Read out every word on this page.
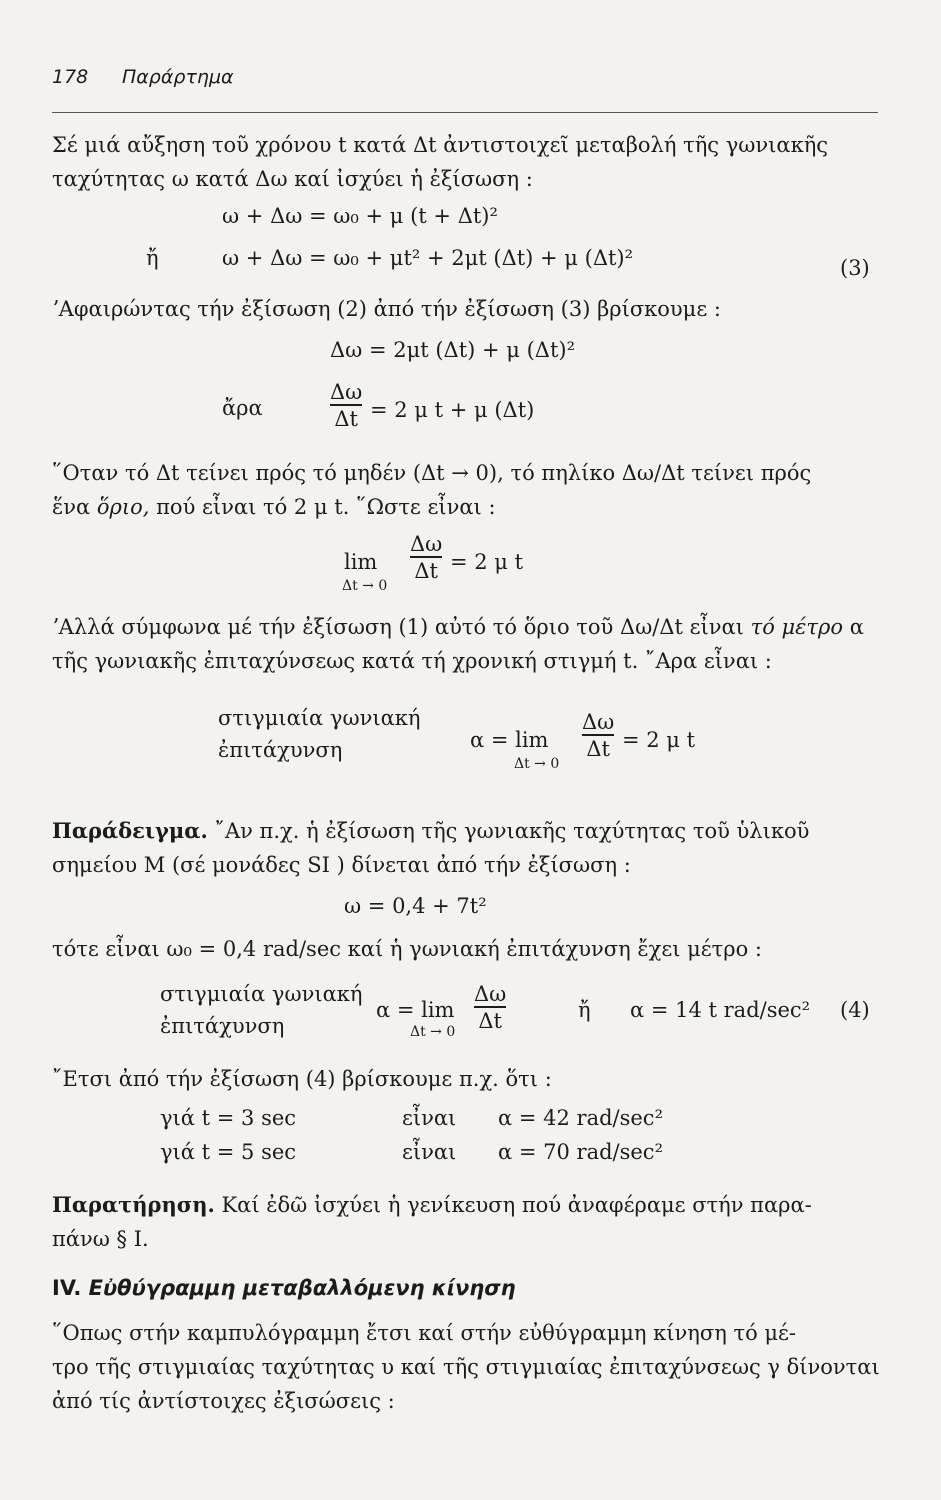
178 Παράρτημα
Σέ μιά αὔξηση τοῦ χρόνου t κατά Δt ἀντιστοιχεῖ μεταβολή τῆς γωνιακῆς
ταχύτητας ω κατά Δω καί ἰσχύει ἡ ἐξίσωση :
ω + Δω = ω₀ + μ (t + Δt)²
ἤ	ω + Δω = ω₀ + μt² + 2μt (Δt) + μ (Δt)²	(3)
ʼΑφαιρώντας τήν ἐξίσωση (2) ἀπό τήν ἐξίσωση (3) βρίσκουμε :
Δω = 2μt (Δt) + μ (Δt)²
ἄρα
Δω
Δt = 2 μ t + μ (Δt)
῞Οταν τό Δt τείνει πρός τό μηδέν (Δt → 0), τό πηλίκο Δω/Δt τείνει πρός
ἕνα ὅριο, πού εἶναι τό 2 μ t. ῞Ωστε εἶναι :
lim
Δt → 0
Δω
Δt = 2 μ t
ʼΑλλά σύμφωνα μέ τήν ἐξίσωση (1) αὐτό τό ὅριο τοῦ Δω/Δt εἶναι τό μέτρο α
τῆς γωνιακῆς ἐπιταχύνσεως κατά τή χρονική στιγμή t. ῎Αρα εἶναι :
στιγμιαία γωνιακή
ἐπιτάχυνση	α = lim
Δt → 0
Δω
Δt = 2 μ t
Παράδειγμα. ῎Αν π.χ. ἡ ἐξίσωση τῆς γωνιακῆς ταχύτητας τοῦ ὑλικοῦ
σημείου M (σέ μονάδες SI ) δίνεται ἀπό τήν ἐξίσωση :
ω = 0,4 + 7t²
τότε εἶναι ω₀ = 0,4 rad/sec καί ἡ γωνιακή ἐπιτάχυνση ἔχει μέτρο :
στιγμιαία γωνιακή
ἐπιτάχυνση
α = lim
Δt → 0
Δω
Δt	ἤ α = 14 t rad/sec² (4)
῎Ετσι ἀπό τήν ἐξίσωση (4) βρίσκουμε π.χ. ὅτι :
γιά t = 3 sec	εἶναι α = 42 rad/sec²
γιά t = 5 sec	εἶναι α = 70 rad/sec²
Παρατήρηση. Καί ἐδῶ ἰσχύει ἡ γενίκευση πού ἀναφέραμε στήν παρα-
πάνω § I.
IV. Εὐθύγραμμη μεταβαλλόμενη κίνηση
῞Οπως στήν καμπυλόγραμμη ἔτσι καί στήν εὐθύγραμμη κίνηση τό μέ-
τρο τῆς στιγμιαίας ταχύτητας υ καί τῆς στιγμιαίας ἐπιταχύνσεως γ δίνονται
ἀπό τίς ἀντίστοιχες ἐξισώσεις :
